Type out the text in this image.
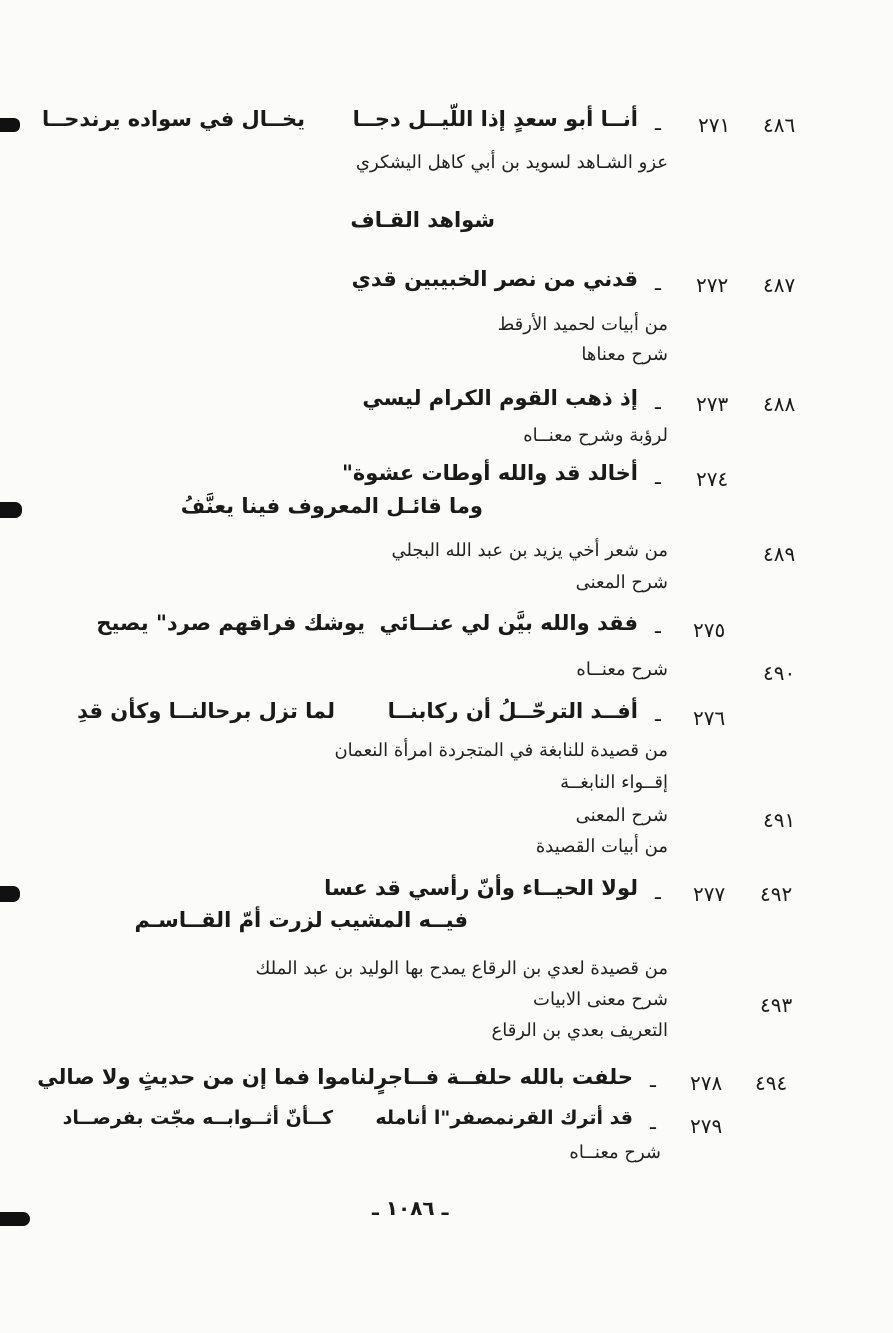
٤٨٦
٢٧١
ـ
أنــا أبو سعدٍ إذا اللّيــل دجــا
يخــال في سواده يرندحــا
عزو الشـاهد لسويد بن أبي كاهل اليشكري
شواهد القـاف
٤٨٧
٢٧٢
ـ
قدني من نصر الخبيبين قدي
من أبيات لحميد الأرقط
شرح معناها
٤٨٨
٢٧٣
ـ
إذ ذهب القوم الكرام ليسي
لرؤبة وشرح معنــاه
٢٧٤
ـ
أخالد قد والله أوطات عشوة"
وما قائـل المعروف فينا يعنَّفُ
٤٨٩
من شعر أخي يزيد بن عبد الله البجلي
شرح المعنى
٢٧٥
ـ
فقد والله بيَّن لي عنــائي
يوشك فراقهم صرد" يصيح
٤٩٠
شرح معنــاه
٢٧٦
ـ
أفــد الترحّــلُ أن ركابنــا
لما تزل برحالنــا وكأن قدِ
من قصيدة للنابغة في المتجردة امرأة النعمان
إقــواء النابغــة
٤٩١
شرح المعنى
من أبيات القصيدة
٤٩٢
٢٧٧
ـ
لولا الحيــاء وأنّ رأسي قد عسا
فيــه المشيب لزرت أمّ القــاسـم
من قصيدة لعدي بن الرقاع يمدح بها الوليد بن عبد الملك
٤٩٣
شرح معنى الابيات
التعريف بعدي بن الرقاع
٤٩٤
٢٧٨
ـ
حلفت بالله حلفــة فــاجرٍ
لناموا فما إن من حديثٍ ولا صالي
٢٧٩
ـ
قد أترك القرنمصفر"ا أنامله
كــأنّ أثــوابــه مجّت بفرصــاد
شرح معنــاه
ـ ١٠٨٦ ـ
